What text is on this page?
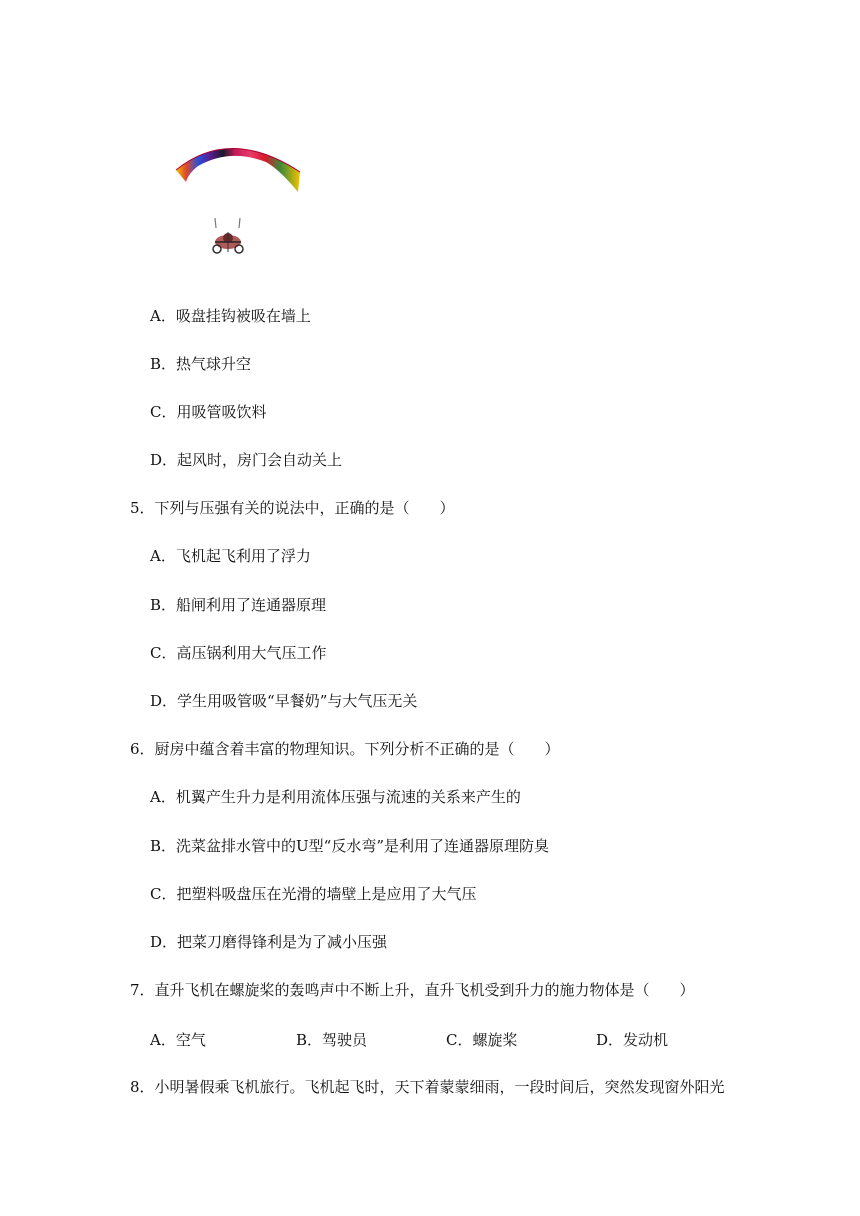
A．吸盘挂钩被吸在墙上
B．热气球升空
C．用吸管吸饮料
D．起风时，房门会自动关上
5．下列与压强有关的说法中，正确的是（　　）
A．飞机起飞利用了浮力
B．船闸利用了连通器原理
C．高压锅利用大气压工作
D．学生用吸管吸“早餐奶”与大气压无关
6．厨房中蕴含着丰富的物理知识。下列分析不正确的是（　　）
A．机翼产生升力是利用流体压强与流速的关系来产生的
B．洗菜盆排水管中的U型“反水弯”是利用了连通器原理防臭
C．把塑料吸盘压在光滑的墙壁上是应用了大气压
D．把菜刀磨得锋利是为了减小压强
7．直升飞机在螺旋桨的轰鸣声中不断上升，直升飞机受到升力的施力物体是（　　）
A．空气	B．驾驶员	C．螺旋桨	D．发动机
8．小明暑假乘飞机旅行。飞机起飞时，天下着蒙蒙细雨，一段时间后，突然发现窗外阳光
